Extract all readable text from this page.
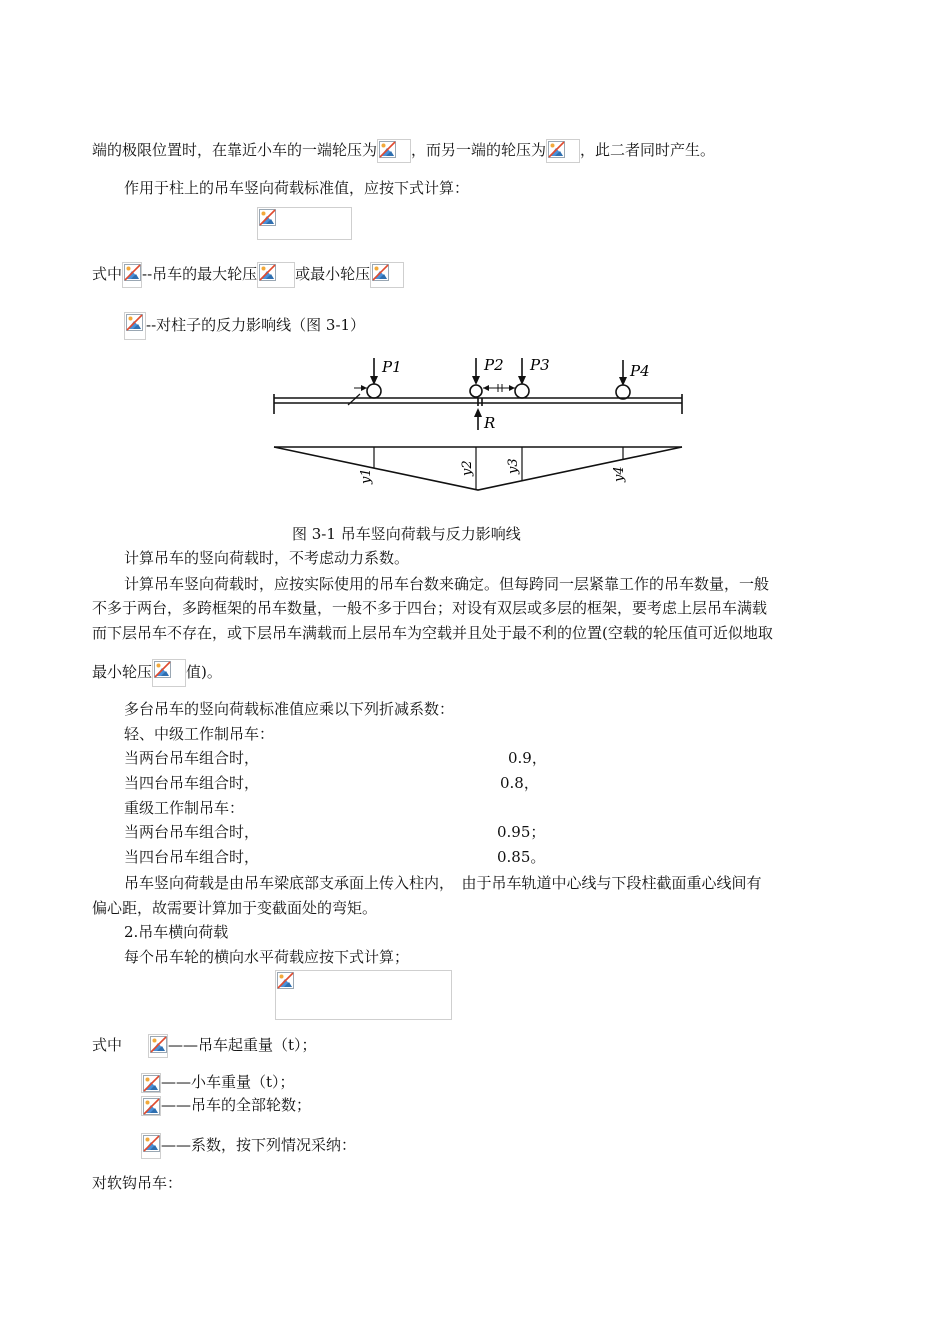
端的极限位置时，在靠近小车的一端轮压为 ，而另一端的轮压为 ，此二者同时产生。
作用于柱上的吊车竖向荷载标准值，应按下式计算：
式中 --吊车的最大轮压	或最小轮压
--对柱子的反力影响线（图 3-1）
P1	P2 P3	P4
R
y1
y2 y3
y4
图 3-1 吊车竖向荷载与反力影响线
计算吊车的竖向荷载时，不考虑动力系数。
计算吊车竖向荷载时，应按实际使用的吊车台数来确定。但每跨同一层紧靠工作的吊车数量，一般
不多于两台，多跨框架的吊车数量，一般不多于四台；对设有双层或多层的框架，要考虑上层吊车满载
而下层吊车不存在，或下层吊车满载而上层吊车为空载并且处于最不利的位置(空载的轮压值可近似地取
最小轮压 值)。
多台吊车的竖向荷载标准值应乘以下列折减系数：
轻、中级工作制吊车：
当两台吊车组合时，	0.9，
当四台吊车组合时，	0.8，
重级工作制吊车：
当两台吊车组合时，	0.95；
当四台吊车组合时，	0.85。
吊车竖向荷载是由吊车梁底部支承面上传入柱内，　由于吊车轨道中心线与下段柱截面重心线间有
偏心距，故需要计算加于变截面处的弯矩。
2.吊车横向荷载
每个吊车轮的横向水平荷载应按下式计算；
式中	——吊车起重量（t）；
——小车重量（t）；
——吊车的全部轮数；
——系数，按下列情况采纳：
对软钩吊车：
